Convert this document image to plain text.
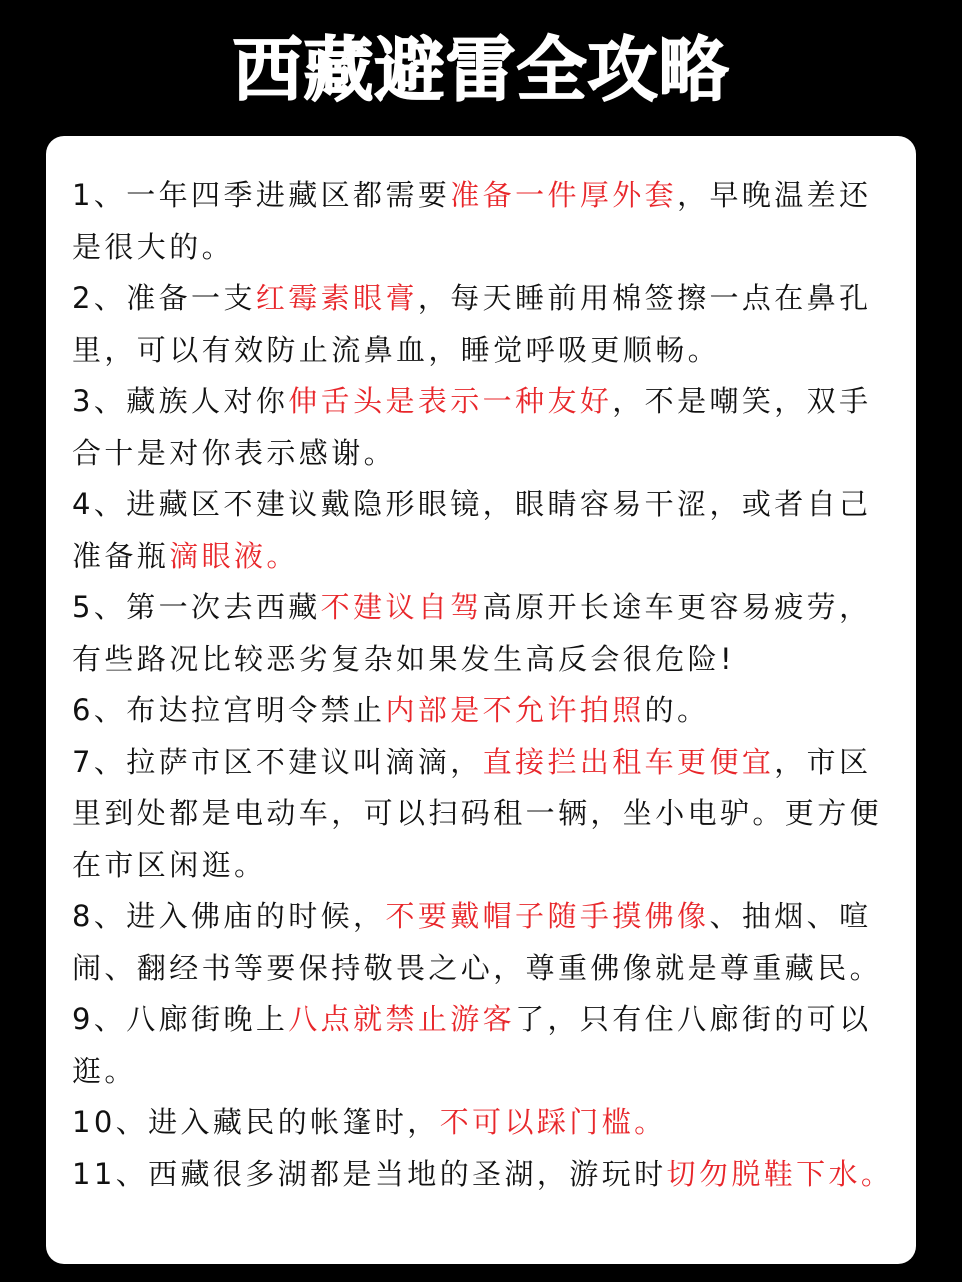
西藏避雷全攻略

1、一年四季进藏区都需要准备一件厚外套，早晚温差还是很大的。

2、准备一支红霉素眼膏，每天睡前用棉签擦一点在鼻孔里，可以有效防止流鼻血，睡觉呼吸更顺畅。

3、藏族人对你伸舌头是表示一种友好，不是嘲笑，双手合十是对你表示感谢。

4、进藏区不建议戴隐形眼镜，眼睛容易干涩，或者自己准备瓶滴眼液。

5、第一次去西藏不建议自驾高原开长途车更容易疲劳，有些路况比较恶劣复杂如果发生高反会很危险!

6、布达拉宫明令禁止内部是不允许拍照的。

7、拉萨市区不建议叫滴滴，直接拦出租车更便宜，市区里到处都是电动车，可以扫码租一辆，坐小电驴。更方便在市区闲逛。

8、进入佛庙的时候，不要戴帽子随手摸佛像、抽烟、喧闹、翻经书等要保持敬畏之心，尊重佛像就是尊重藏民。

9、八廊街晚上八点就禁止游客了，只有住八廊街的可以逛。

10、进入藏民的帐篷时，不可以踩门槛。

11、西藏很多湖都是当地的圣湖，游玩时切勿脱鞋下水。
